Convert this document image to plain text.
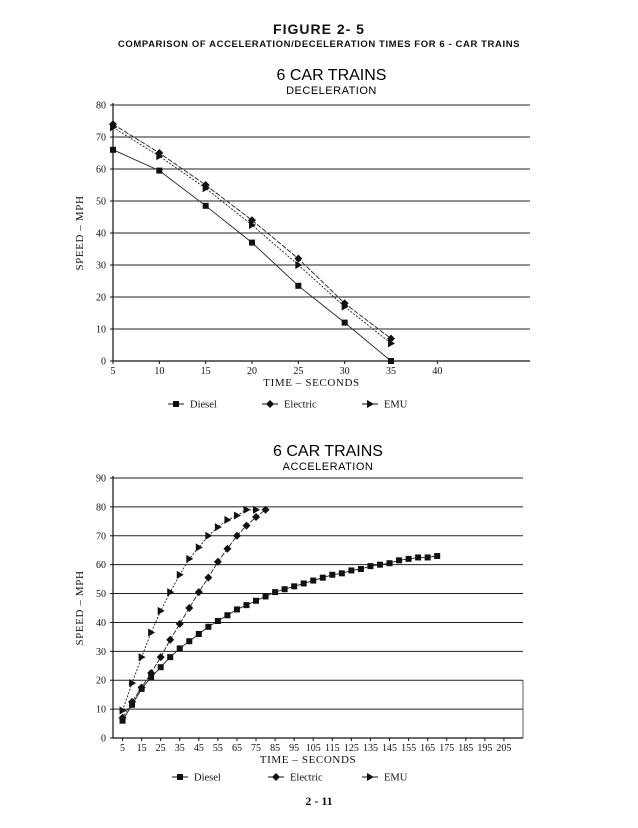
FIGURE 2- 5
COMPARISON OF ACCELERATION/DECELERATION TIMES FOR 6 - CAR TRAINS
6 CAR TRAINS
DECELERATION
0
10
20
30
40
50
60
70
80
5	10	15	20	25	30	35	40
TIME – SECONDS
SPEED – MPH
Diesel	Electric	EMU
6 CAR TRAINS
ACCELERATION
0
10
20
30
40
50
60
70
80
90
5 15 25 35 45 55 65 75 85 95 105 115 125 135 145 155 165 175 185 195 205
TIME – SECONDS
SPEED – MPH
Diesel	Electric	EMU
2 - 11
